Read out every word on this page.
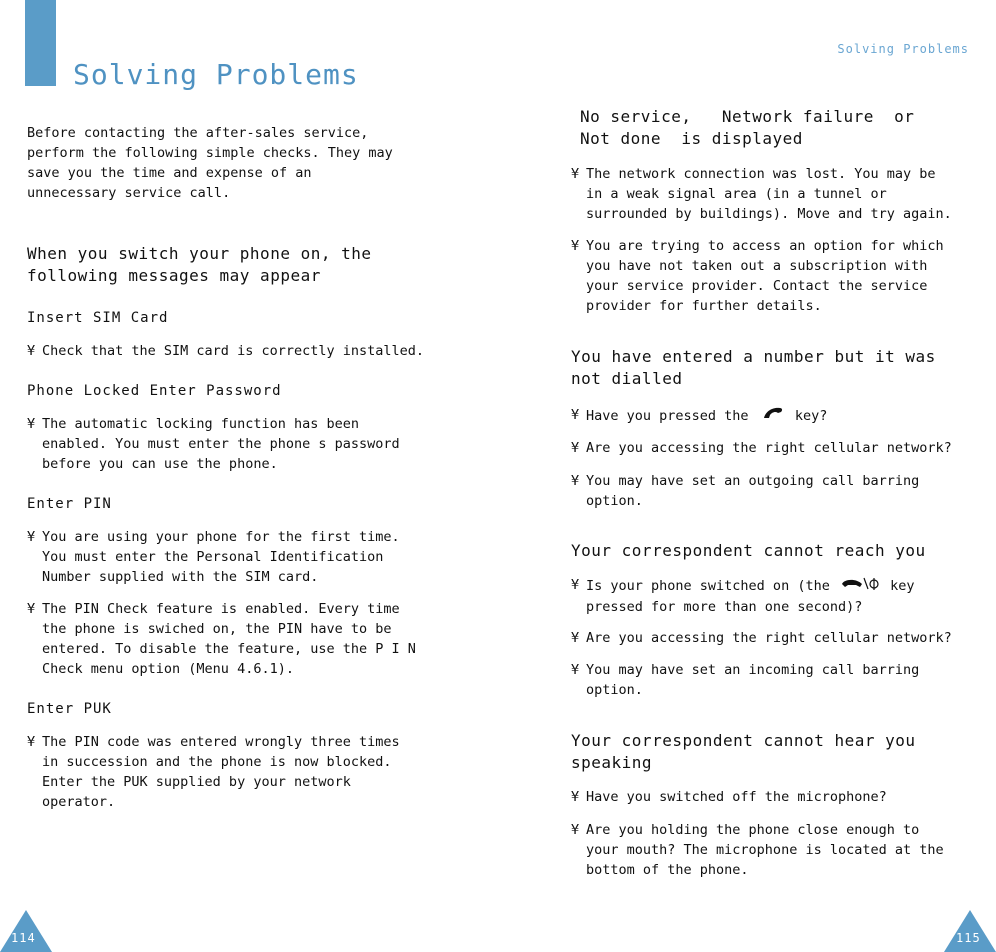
Solving Problems
Before contacting the after-sales service,
perform the following simple checks. They may
save you the time and expense of an
unnecessary service call.
When you switch your phone on, the
following messages may appear
Insert SIM Card
¥ Check that the SIM card is correctly installed.
Phone Locked Enter Password
¥ The automatic locking function has been
enabled. You must enter the phone s password
before you can use the phone.
Enter PIN
¥ You are using your phone for the first time.
You must enter the Personal Identification
Number supplied with the SIM card.
¥ The PIN Check feature is enabled. Every time
the phone is swiched on, the PIN have to be
entered. To disable the feature, use the P I N
Check menu option (Menu 4.6.1).
Enter PUK
¥ The PIN code was entered wrongly three times
in succession and the phone is now blocked.
Enter the PUK supplied by your network
operator.
114
Solving Problems
No service,   Network failure  or
Not done  is displayed
¥ The network connection was lost. You may be
in a weak signal area (in a tunnel or
surrounded by buildings). Move and try again.
¥ You are trying to access an option for which
you have not taken out a subscription with
your service provider. Contact the service
provider for further details.
You have entered a number but it was
not dialled
¥ Have you pressed the	key?
¥ Are you accessing the right cellular network?
¥ You may have set an outgoing call barring
option.
Your correspondent cannot reach you
¥ Is your phone switched on (the	key
pressed for more than one second)?
¥ Are you accessing the right cellular network?
¥ You may have set an incoming call barring
option.
Your correspondent cannot hear you
speaking
¥ Have you switched off the microphone?
¥ Are you holding the phone close enough to
your mouth? The microphone is located at the
bottom of the phone.
115
